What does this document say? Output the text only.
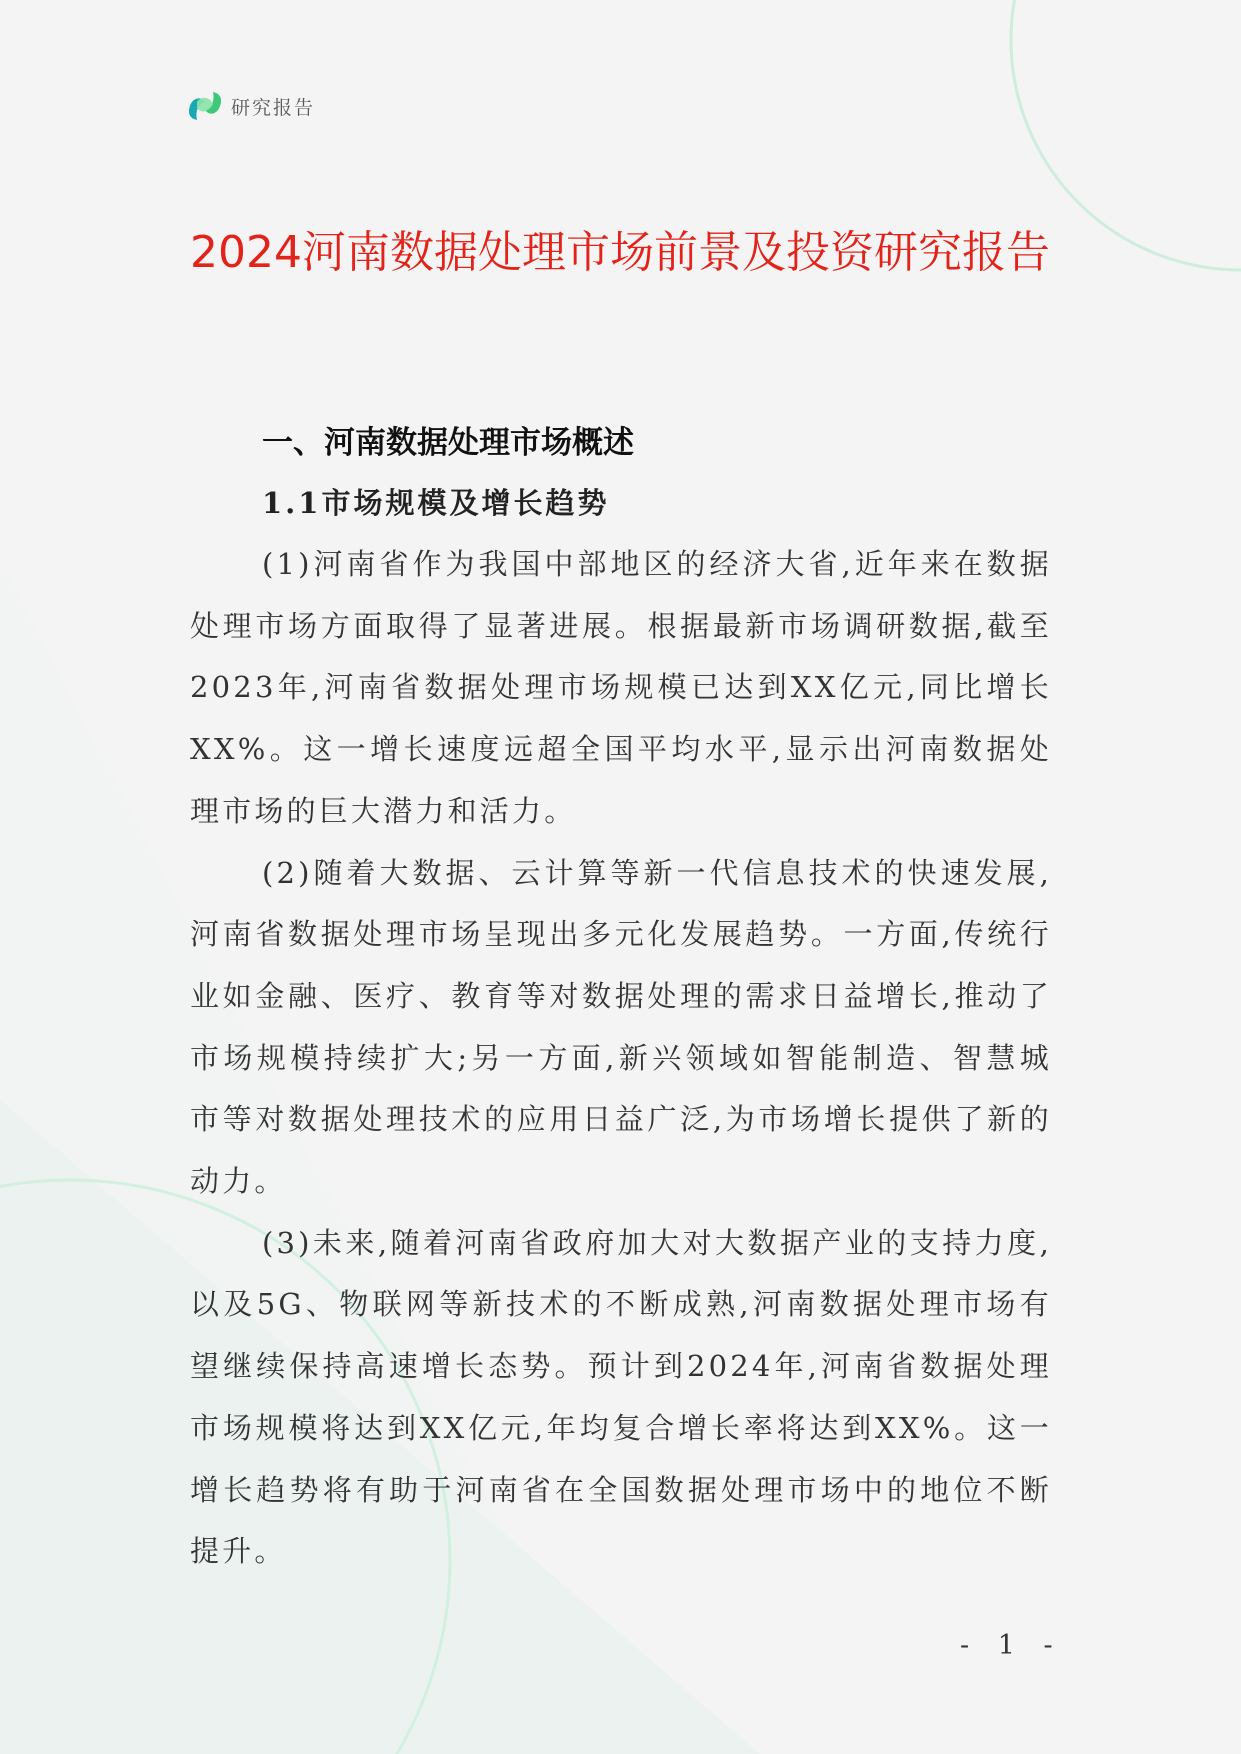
研究报告
2024河南数据处理市场前景及投资研究报告
一、河南数据处理市场概述
1.1市场规模及增长趋势

(1)河南省作为我国中部地区的经济大省,近年来在数据处理市场方面取得了显著进展。根据最新市场调研数据,截至2023年,河南省数据处理市场规模已达到XX亿元,同比增长XX%。这一增长速度远超全国平均水平,显示出河南数据处理市场的巨大潜力和活力。

(2)随着大数据、云计算等新一代信息技术的快速发展,河南省数据处理市场呈现出多元化发展趋势。一方面,传统行业如金融、医疗、教育等对数据处理的需求日益增长,推动了市场规模持续扩大;另一方面,新兴领域如智能制造、智慧城市等对数据处理技术的应用日益广泛,为市场增长提供了新的动力。

(3)未来,随着河南省政府加大对大数据产业的支持力度,以及5G、物联网等新技术的不断成熟,河南数据处理市场有望继续保持高速增长态势。预计到2024年,河南省数据处理市场规模将达到XX亿元,年均复合增长率将达到XX%。这一增长趋势将有助于河南省在全国数据处理市场中的地位不断提升。

- 1 -
